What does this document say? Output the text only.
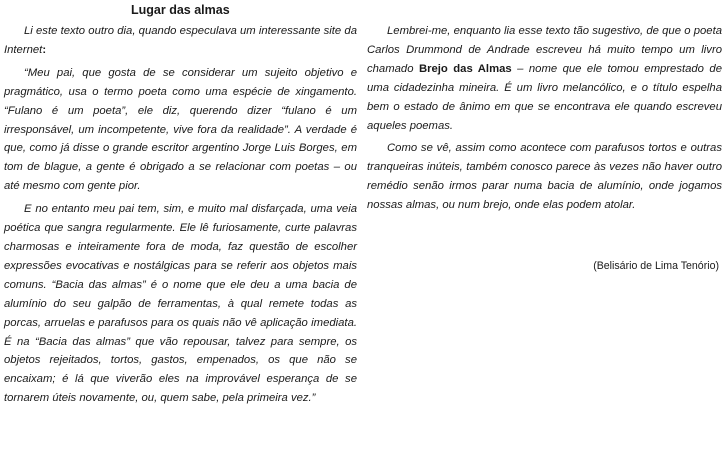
Lugar das almas

Li este texto outro dia, quando especulava um interessante site da Internet:

“Meu pai, que gosta de se considerar um sujeito objetivo e pragmático, usa o termo poeta como uma espécie de xingamento. “Fulano é um poeta”, ele diz, querendo dizer “fulano é um irresponsável, um incompetente, vive fora da realidade”. A verdade é que, como já disse o grande escritor argentino Jorge Luis Borges, em tom de blague, a gente é obrigado a se relacionar com poetas – ou até mesmo com gente pior.

E no entanto meu pai tem, sim, e muito mal disfarçada, uma veia poética que sangra regularmente. Ele lê furiosamente, curte palavras charmosas e inteiramente fora de moda, faz questão de escolher expressões evocativas e nostálgicas para se referir aos objetos mais comuns. “Bacia das almas” é o nome que ele deu a uma bacia de alumínio do seu galpão de ferramentas, à qual remete todas as porcas, arruelas e parafusos para os quais não vê aplicação imediata. É na “Bacia das almas” que vão repousar, talvez para sempre, os objetos rejeitados, tortos, gastos, empenados, os que não se encaixam; é lá que viverão eles na improvável esperança de se tornarem úteis novamente, ou, quem sabe, pela primeira vez.”

Lembrei-me, enquanto lia esse texto tão sugestivo, de que o poeta Carlos Drummond de Andrade escreveu há muito tempo um livro chamado Brejo das Almas – nome que ele tomou emprestado de uma cidadezinha mineira. É um livro melancólico, e o título espelha bem o estado de ânimo em que se encontrava ele quando escreveu aqueles poemas.

Como se vê, assim como acontece com parafusos tortos e outras tranqueiras inúteis, também conosco parece às vezes não haver outro remédio senão irmos parar numa bacia de alumínio, onde jogamos nossas almas, ou num brejo, onde elas podem atolar.

(Belisário de Lima Tenório)
